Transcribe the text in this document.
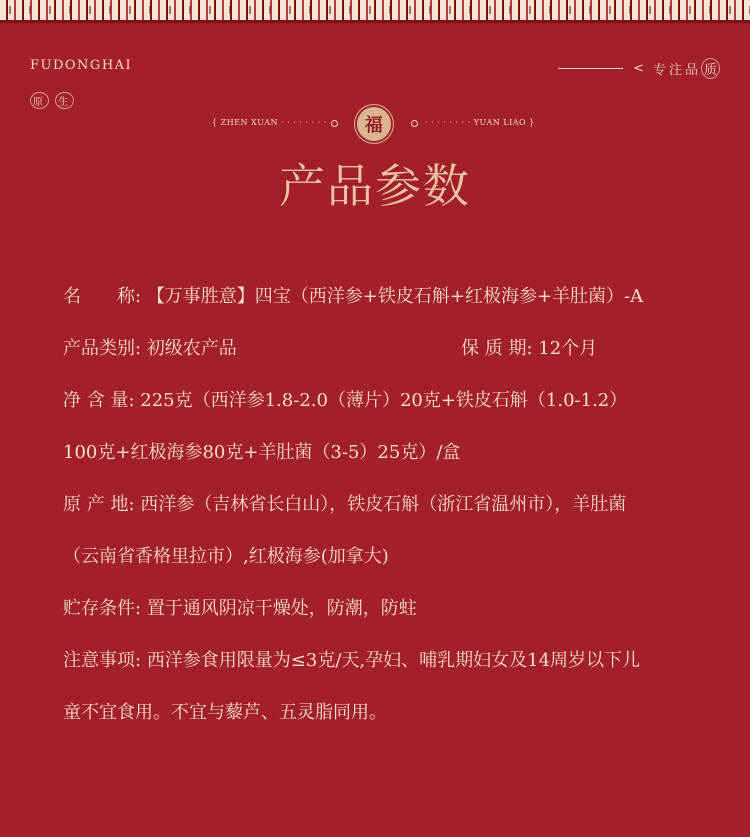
FUDONGHAI
原 生
< 专注品 质
{ ZHEN XUAN · · · · · · · ·	福	· · · · · · · · YUAN LIAO }
产品参数
名　　称: 【万事胜意】四宝（西洋参+铁皮石斛+红极海参+羊肚菌）-A
产品类别: 初级农产品	保 质 期: 12个月
净 含 量: 225克（西洋参1.8-2.0（薄片）20克+铁皮石斛（1.0-1.2）
100克+红极海参80克+羊肚菌（3-5）25克）/盒
原 产 地: 西洋参（吉林省长白山），铁皮石斛（浙江省温州市），羊肚菌
（云南省香格里拉市）,红极海参(加拿大)
贮存条件: 置于通风阴凉干燥处，防潮，防蛀
注意事项: 西洋参食用限量为≤3克/天,孕妇、哺乳期妇女及14周岁以下儿
童不宜食用。不宜与藜芦、五灵脂同用。
